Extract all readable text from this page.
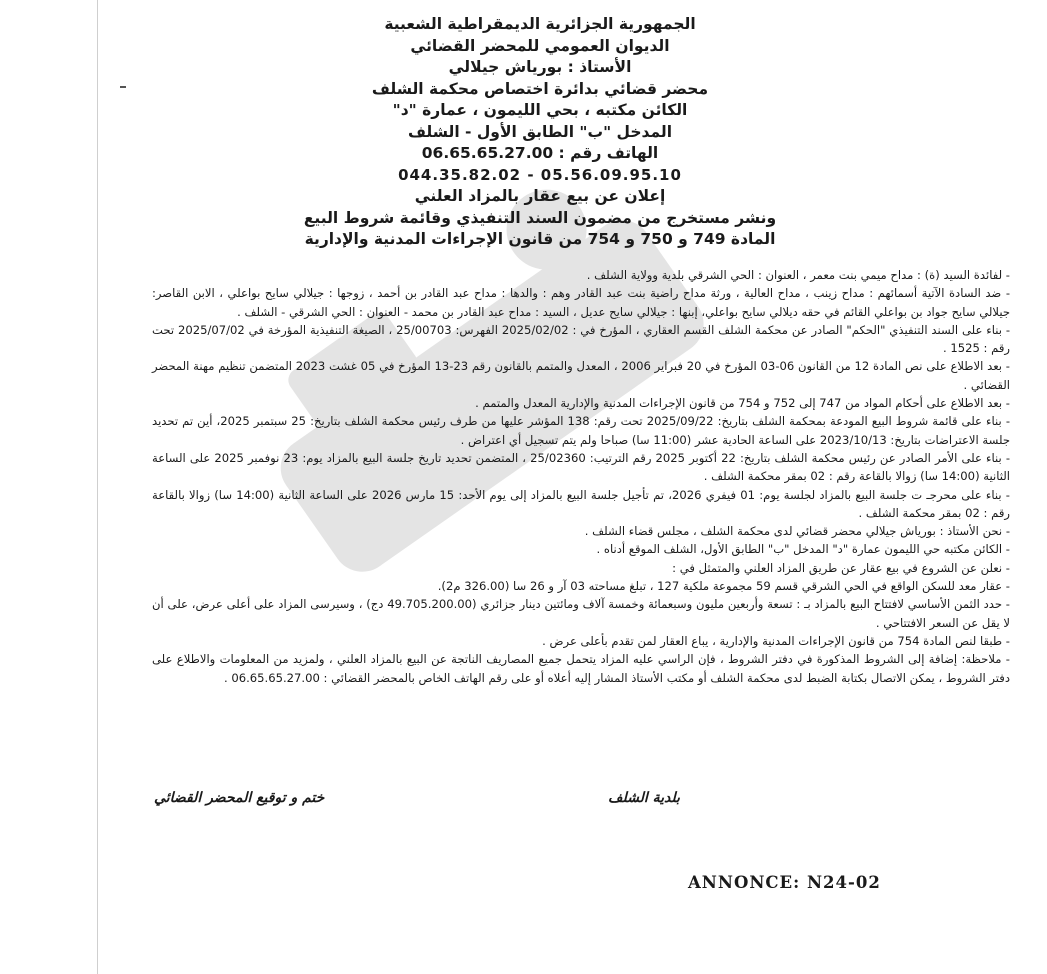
الجمهورية الجزائرية الديمقراطية الشعبية
الديوان العمومي للمحضر القضائي
الأستاذ : بورياش جيلالي
محضر قضائي بدائرة اختصاص محكمة الشلف
الكائن مكتبه ، بحي الليمون ، عمارة "د"
المدخل "ب" الطابق الأول - الشلف
الهاتف رقم : 06.65.65.27.00
044.35.82.02 - 05.56.09.95.10
إعلان عن بيع عقار بالمزاد العلني
ونشر مستخرج من مضمون السند التنفيذي وقائمة شروط البيع
المادة 749 و 750 و 754 من قانون الإجراءات المدنية والإدارية

- لفائدة السيد (ة) : مداح ميمي بنت معمر ، العنوان : الحي الشرقي بلدية وولاية الشلف .

- ضد السادة الآتية أسمائهم : مداح زينب ، مداح العالية ، ورثة مداح راضية بنت عبد القادر وهم : والدها : مداح عبد القادر بن أحمد ، زوجها : جيلالي سايح بواعلي ، الابن القاصر: جيلالي سايح جواد بن بواعلي القائم في حقه ديلالي سايح بواعلي، إبنها : جيلالي سايح عديل ، السيد : مداح عبد القادر بن محمد - العنوان : الحي الشرقي - الشلف .

- بناء على السند التنفيذي "الحكم" الصادر عن محكمة الشلف القسم العقاري ، المؤرخ في : 2025/02/02 الفهرس: 25/00703 ، الصيغة التنفيذية المؤرخة في 2025/07/02 تحت رقم : 1525 .

- بعد الاطلاع على نص المادة 12 من القانون 06-03 المؤرخ في 20 فبراير 2006 ، المعدل والمتمم بالقانون رقم 23-13 المؤرخ في 05 غشت 2023 المتضمن تنظيم مهنة المحضر القضائي .

- بعد الاطلاع على أحكام المواد من 747 إلى 752 و 754 من قانون الإجراءات المدنية والإدارية المعدل والمتمم .

- بناء على قائمة شروط البيع المودعة بمحكمة الشلف بتاريخ: 2025/09/22 تحت رقم: 138 المؤشر عليها من طرف رئيس محكمة الشلف بتاريخ: 25 سبتمبر 2025، أين تم تحديد جلسة الاعتراضات بتاريخ: 2023/10/13 على الساعة الحادية عشر (11:00 سا) صباحا ولم يتم تسجيل أي اعتراض .

- بناء على الأمر الصادر عن رئيس محكمة الشلف بتاريخ: 22 أكتوبر 2025 رقم الترتيب: 25/02360 ، المتضمن تحديد تاريخ جلسة البيع بالمزاد يوم: 23 نوفمبر 2025 على الساعة الثانية (14:00 سا) زوالا بالقاعة رقم : 02 بمقر محكمة الشلف .

- بناء على محرجـ ت جلسة البيع بالمزاد لجلسة يوم: 01 فيفري 2026، تم تأجيل جلسة البيع بالمزاد إلى يوم الأحد: 15 مارس 2026 على الساعة الثانية (14:00 سا) زوالا بالقاعة رقم : 02 بمقر محكمة الشلف .

- نحن الأستاذ : بورياش جيلالي محضر قضائي لدى محكمة الشلف ، مجلس قضاء الشلف .

- الكائن مكتبه حي الليمون عمارة "د" المدخل "ب" الطابق الأول، الشلف الموقع أدناه .

- نعلن عن الشروع في بيع عقار عن طريق المزاد العلني والمتمثل في :

- عقار معد للسكن الواقع في الحي الشرقي قسم 59 مجموعة ملكية 127 ، تبلغ مساحته 03 آر و 26 سا (326.00 م2).

- حدد الثمن الأساسي لافتتاح البيع بالمزاد بـ : تسعة وأربعين مليون وسبعمائة وخمسة آلاف ومائتين دينار جزائري (49.705.200.00 دج) ، وسيرسى المزاد على أعلى عرض، على أن لا يقل عن السعر الافتتاحي .

- طبقا لنص المادة 754 من قانون الإجراءات المدنية والإدارية ، يباع العقار لمن تقدم بأعلى عرض .

- ملاحظة: إضافة إلى الشروط المذكورة في دفتر الشروط ، فإن الراسي عليه المزاد يتحمل جميع المصاريف الناتجة عن البيع بالمزاد العلني ، ولمزيد من المعلومات والاطلاع على دفتر الشروط ، يمكن الاتصال بكتابة الضبط لدى محكمة الشلف أو مكتب الأستاذ المشار إليه أعلاه أو على رقم الهاتف الخاص بالمحضر القضائي : 06.65.65.27.00 .

ختم و توقيع المحضر القضائي	بلدية الشلف
ANNONCE: N24-02
